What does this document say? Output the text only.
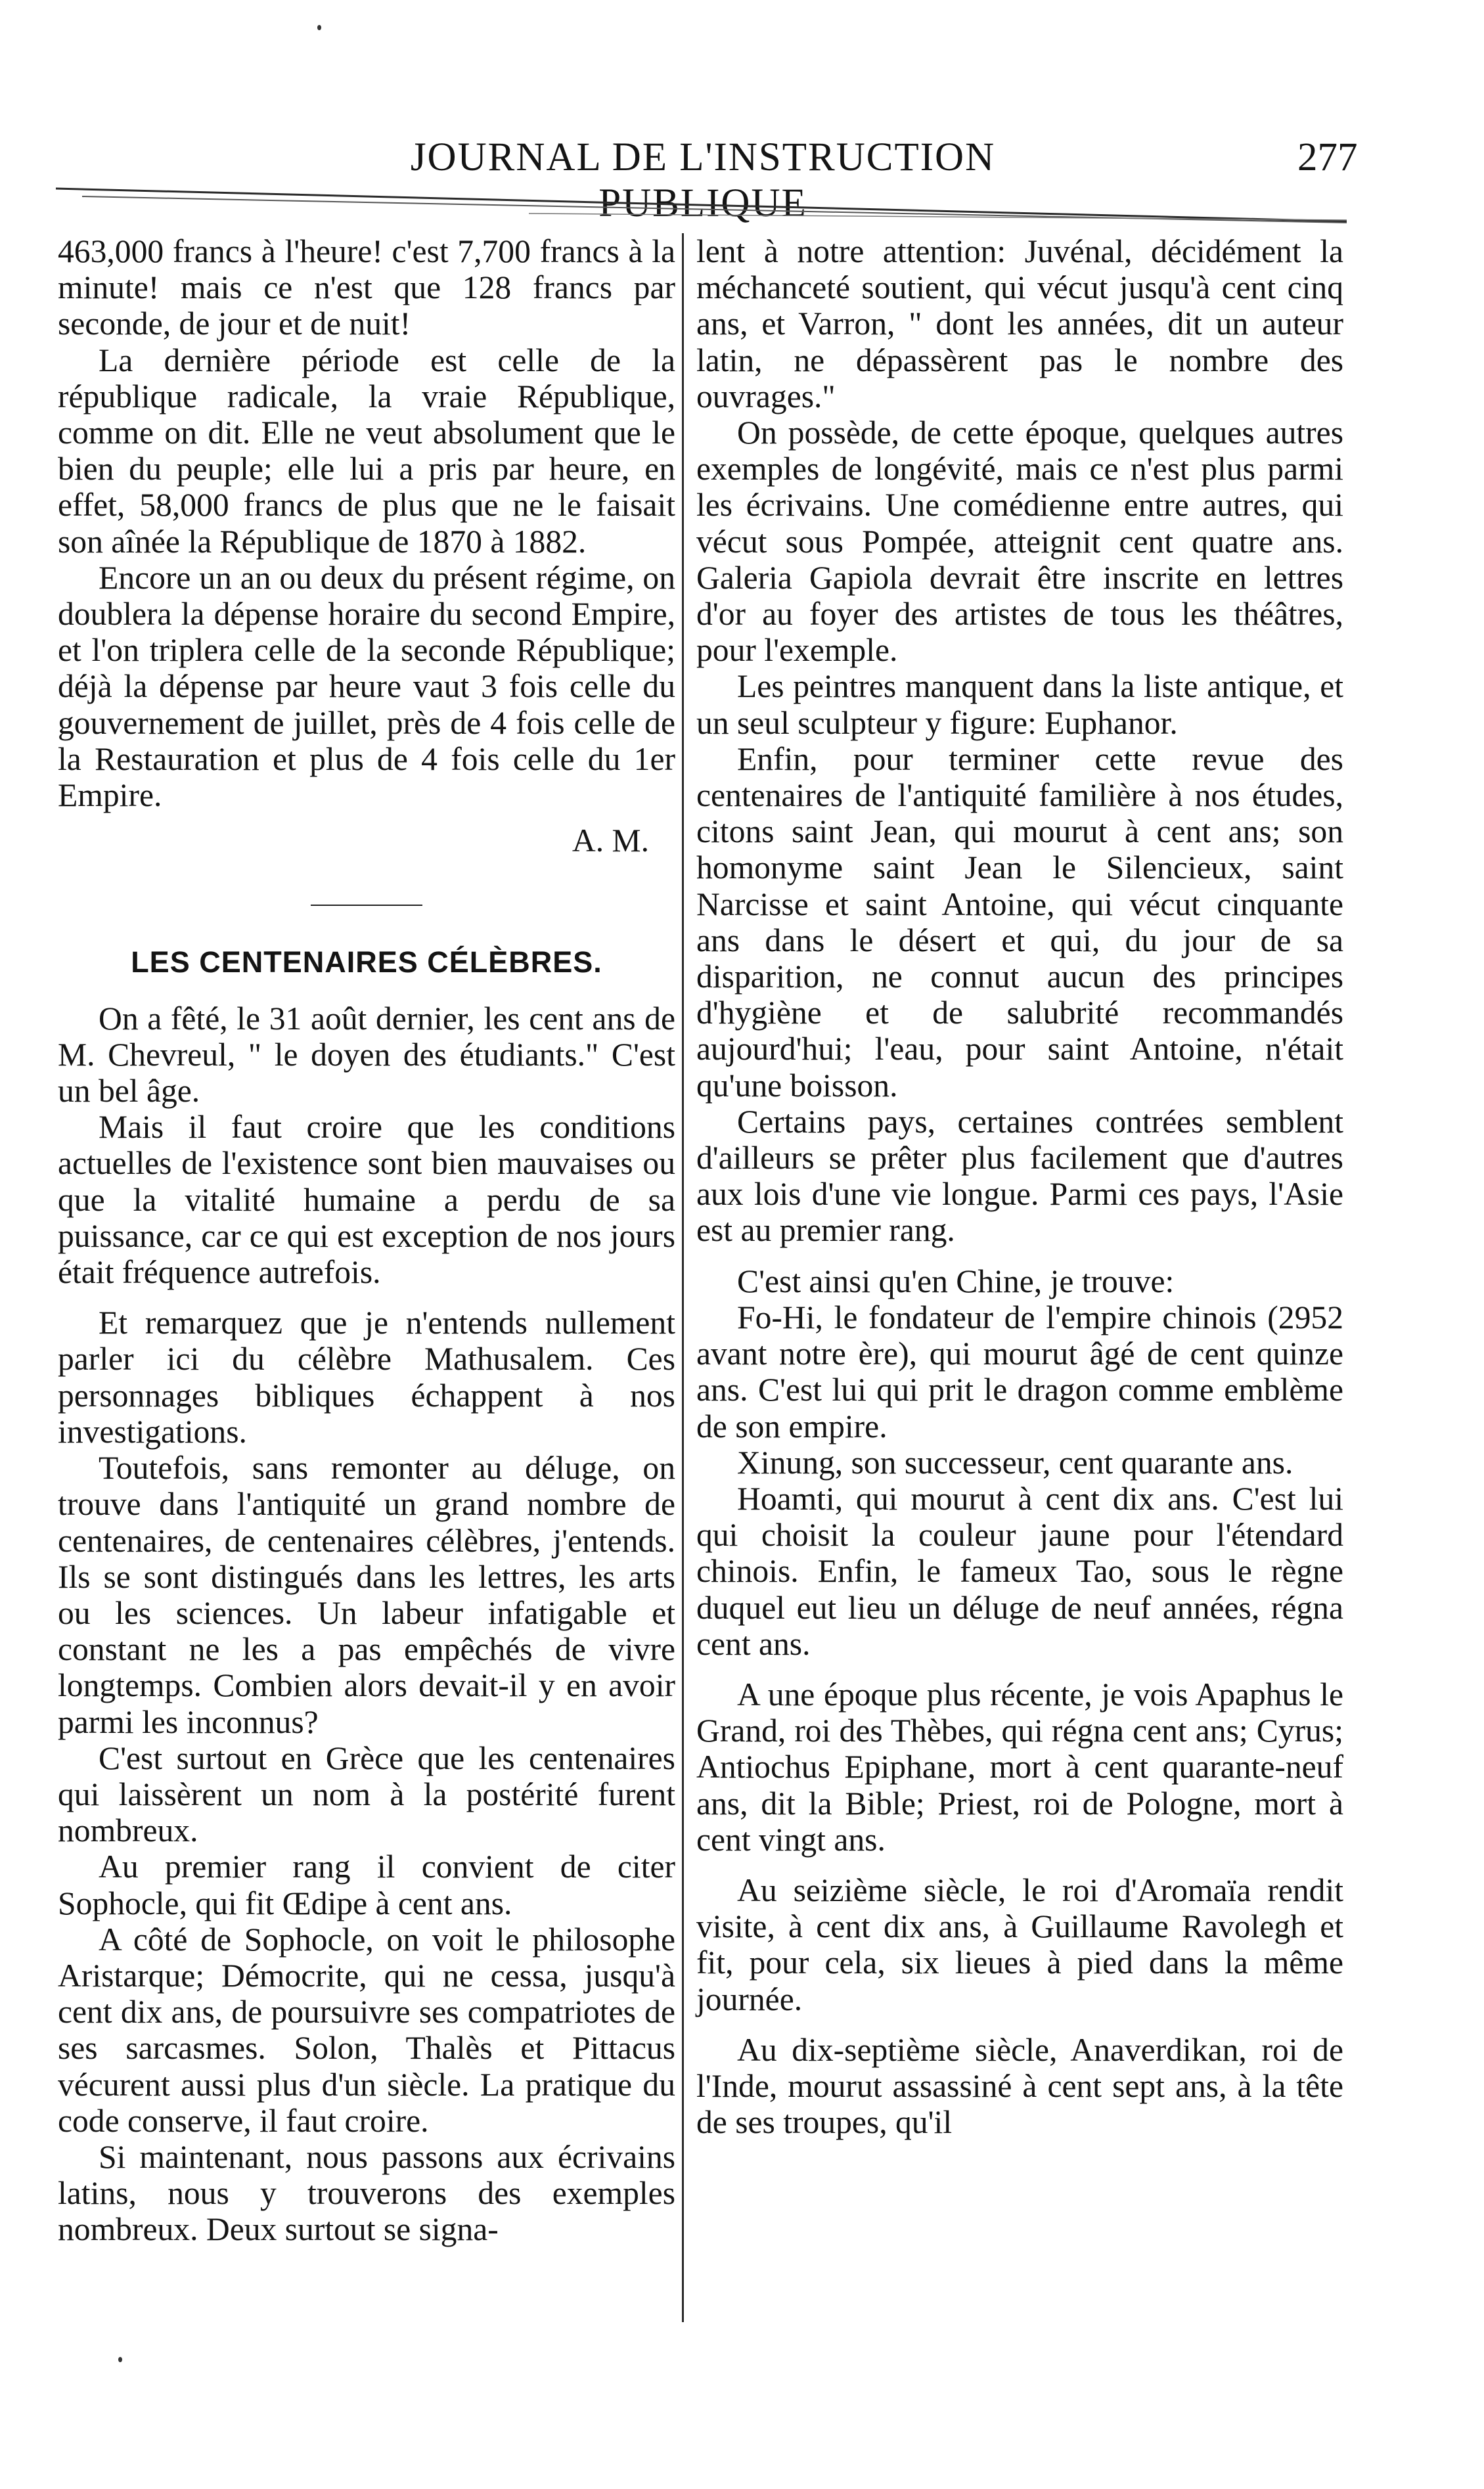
JOURNAL DE L'INSTRUCTION PUBLIQUE
277

463,000 francs à l'heure! c'est 7,700 francs à la minute! mais ce n'est que 128 francs par seconde, de jour et de nuit!

La dernière période est celle de la république radicale, la vraie République, comme on dit. Elle ne veut absolument que le bien du peuple; elle lui a pris par heure, en effet, 58,000 francs de plus que ne le faisait son aînée la République de 1870 à 1882.

Encore un an ou deux du présent régime, on doublera la dépense horaire du second Empire, et l'on triplera celle de la seconde République; déjà la dépense par heure vaut 3 fois celle du gouvernement de juillet, près de 4 fois celle de la Restauration et plus de 4 fois celle du 1er Empire.

A. M.

LES CENTENAIRES CÉLÈBRES.

On a fêté, le 31 août dernier, les cent ans de M. Chevreul, " le doyen des étudiants." C'est un bel âge.

Mais il faut croire que les conditions actuelles de l'existence sont bien mauvaises ou que la vitalité humaine a perdu de sa puissance, car ce qui est exception de nos jours était fréquence autrefois.

Et remarquez que je n'entends nullement parler ici du célèbre Mathusalem. Ces personnages bibliques échappent à nos investigations.

Toutefois, sans remonter au déluge, on trouve dans l'antiquité un grand nombre de centenaires, de centenaires célèbres, j'entends. Ils se sont distingués dans les lettres, les arts ou les sciences. Un labeur infatigable et constant ne les a pas empêchés de vivre longtemps. Combien alors devait-il y en avoir parmi les inconnus?

C'est surtout en Grèce que les centenaires qui laissèrent un nom à la postérité furent nombreux.

Au premier rang il convient de citer Sophocle, qui fit Œdipe à cent ans.

A côté de Sophocle, on voit le philosophe Aristarque; Démocrite, qui ne cessa, jusqu'à cent dix ans, de poursuivre ses compatriotes de ses sarcasmes. Solon, Thalès et Pittacus vécurent aussi plus d'un siècle. La pratique du code conserve, il faut croire.

Si maintenant, nous passons aux écrivains latins, nous y trouverons des exemples nombreux. Deux surtout se signa-

lent à notre attention: Juvénal, décidément la méchanceté soutient, qui vécut jusqu'à cent cinq ans, et Varron, " dont les années, dit un auteur latin, ne dépassèrent pas le nombre des ouvrages."

On possède, de cette époque, quelques autres exemples de longévité, mais ce n'est plus parmi les écrivains. Une comédienne entre autres, qui vécut sous Pompée, atteignit cent quatre ans. Galeria Gapiola devrait être inscrite en lettres d'or au foyer des artistes de tous les théâtres, pour l'exemple.

Les peintres manquent dans la liste antique, et un seul sculpteur y figure: Euphanor.

Enfin, pour terminer cette revue des centenaires de l'antiquité familière à nos études, citons saint Jean, qui mourut à cent ans; son homonyme saint Jean le Silencieux, saint Narcisse et saint Antoine, qui vécut cinquante ans dans le désert et qui, du jour de sa disparition, ne connut aucun des principes d'hygiène et de salubrité recommandés aujourd'hui; l'eau, pour saint Antoine, n'était qu'une boisson.

Certains pays, certaines contrées semblent d'ailleurs se prêter plus facilement que d'autres aux lois d'une vie longue. Parmi ces pays, l'Asie est au premier rang.

C'est ainsi qu'en Chine, je trouve:

Fo-Hi, le fondateur de l'empire chinois (2952 avant notre ère), qui mourut âgé de cent quinze ans. C'est lui qui prit le dragon comme emblème de son empire.

Xinung, son successeur, cent quarante ans.

Hoamti, qui mourut à cent dix ans. C'est lui qui choisit la couleur jaune pour l'étendard chinois. Enfin, le fameux Tao, sous le règne duquel eut lieu un déluge de neuf années, régna cent ans.

A une époque plus récente, je vois Apaphus le Grand, roi des Thèbes, qui régna cent ans; Cyrus; Antiochus Epiphane, mort à cent quarante-neuf ans, dit la Bible; Priest, roi de Pologne, mort à cent vingt ans.

Au seizième siècle, le roi d'Aromaïa rendit visite, à cent dix ans, à Guillaume Ravolegh et fit, pour cela, six lieues à pied dans la même journée.

Au dix-septième siècle, Anaverdikan, roi de l'Inde, mourut assassiné à cent sept ans, à la tête de ses troupes, qu'il
